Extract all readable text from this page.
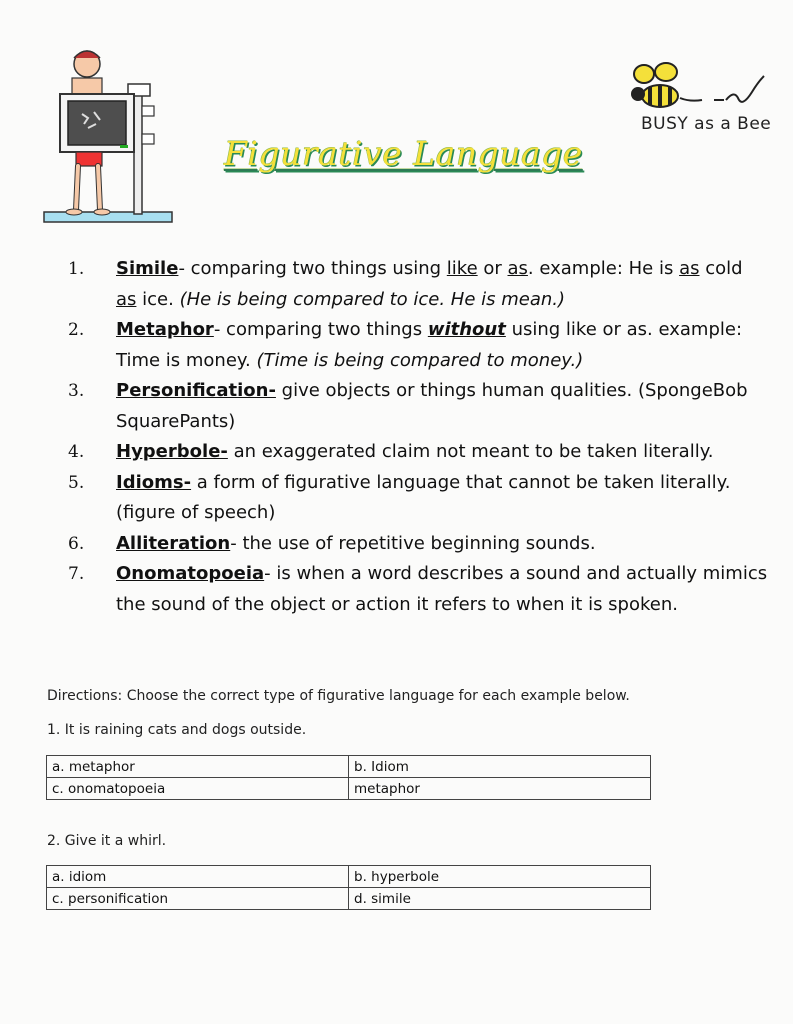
BUSY as a Bee
Figurative Language
1.	Simile- comparing two things using like or as. example: He is as cold as ice. (He is being compared to ice. He is mean.)
2.	Metaphor- comparing two things without using like or as. example: Time is money. (Time is being compared to money.)
3.	Personification- give objects or things human qualities. (SpongeBob SquarePants)
4.	Hyperbole- an exaggerated claim not meant to be taken literally.
5.	Idioms- a form of figurative language that cannot be taken literally. (figure of speech)
6.	Alliteration- the use of repetitive beginning sounds.
7.	Onomatopoeia- is when a word describes a sound and actually mimics the sound of the object or action it refers to when it is spoken.
Directions: Choose the correct type of figurative language for each example below.
1. It is raining cats and dogs outside.
a. metaphor	b. Idiom
c. onomatopoeia	metaphor
2. Give it a whirl.
a. idiom	b. hyperbole
c. personification	d. simile
